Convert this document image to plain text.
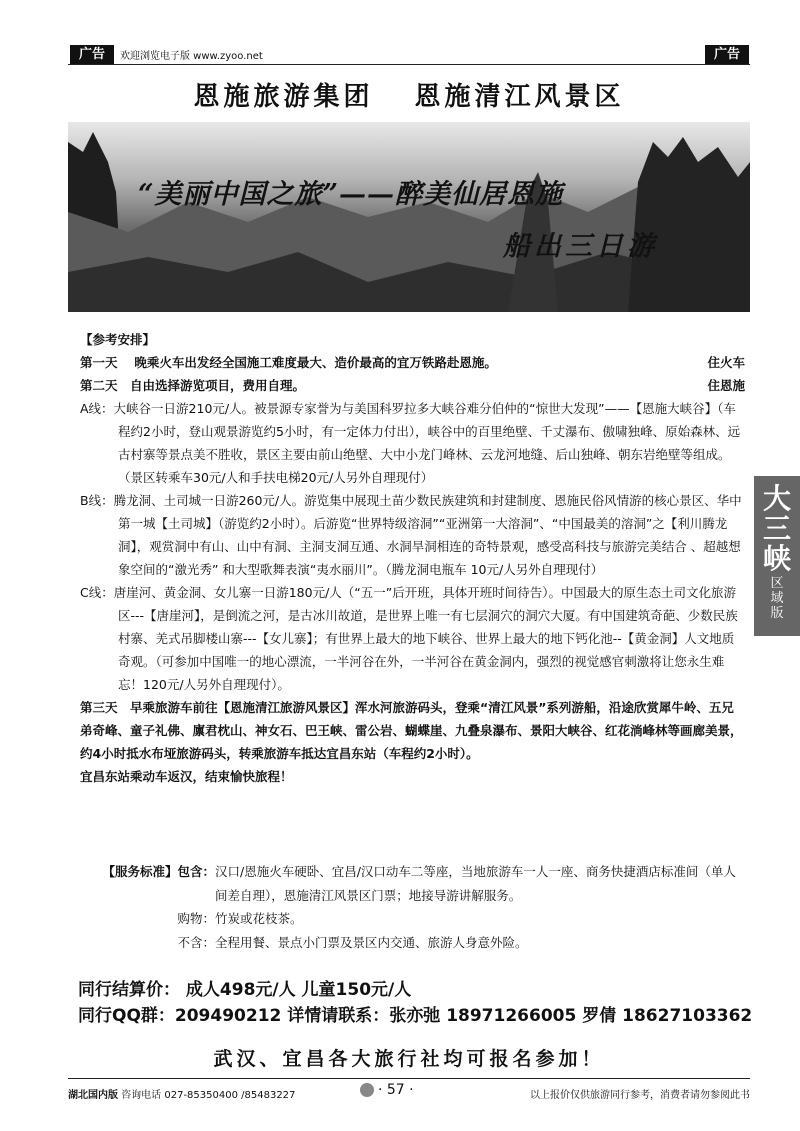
广告	欢迎浏览电子版 www.zyoo.net	广告
恩施旅游集团 恩施清江风景区
“美丽中国之旅”——醉美仙居恩施
船出三日游
大三峡
区域版

【参考安排】

第一天　 晚乘火车出发经全国施工难度最大、造价最高的宜万铁路赴恩施。	住火车

第二天　自由选择游览项目，费用自理。	住恩施

A线：大峡谷一日游210元/人。被景源专家誉为与美国科罗拉多大峡谷难分伯仲的“惊世大发现”——【恩施大峡谷】（车程约2小时，登山观景游览约5小时，有一定体力付出），峡谷中的百里绝壁、千丈瀑布、傲啸独峰、原始森林、远古村寨等景点美不胜收，景区主要由前山绝壁、大中小龙门峰林、云龙河地缝、后山独峰、朝东岩绝壁等组成。（景区转乘车30元/人和手扶电梯20元/人另外自理现付）

B线：腾龙洞、土司城一日游260元/人。游览集中展现土苗少数民族建筑和封建制度、恩施民俗风情游的核心景区、华中第一城【土司城】（游览约2小时）。后游览“世界特级溶洞”“亚洲第一大溶洞”、“中国最美的溶洞”之【利川腾龙洞】，观赏洞中有山、山中有洞、主洞支洞互通、水洞旱洞相连的奇特景观，感受高科技与旅游完美结合 、超越想象空间的“激光秀” 和大型歌舞表演“夷水丽川”。（腾龙洞电瓶车 10元/人另外自理现付）

C线：唐崖河、黄金洞、女儿寨一日游180元/人（“五一”后开班，具体开班时间待告）。中国最大的原生态土司文化旅游区---【唐崖河】，是倒流之河，是古冰川故道，是世界上唯一有七层洞穴的洞穴大厦。有中国建筑奇葩、少数民族村寨、羌式吊脚楼山寨---【女儿寨】；有世界上最大的地下峡谷、世界上最大的地下钙化池--【黄金洞】人文地质奇观。（可参加中国唯一的地心漂流，一半河谷在外，一半河谷在黄金洞内，强烈的视觉感官刺激将让您永生难忘！120元/人另外自理现付）。

第三天　早乘旅游车前往【恩施清江旅游风景区】浑水河旅游码头，登乘“清江风景”系列游船，沿途欣赏犀牛岭、五兄弟奇峰、童子礼佛、廪君枕山、神女石、巴王峡、雷公岩、蝴蝶崖、九叠泉瀑布、景阳大峡谷、红花淌峰林等画廊美景，约4小时抵水布垭旅游码头，转乘旅游车抵达宜昌东站（车程约2小时）。

宜昌东站乘动车返汉，结束愉快旅程！

【服务标准】包含： 汉口/恩施火车硬卧、宜昌/汉口动车二等座，当地旅游车一人一座、商务快捷酒店标准间（单人间差自理），恩施清江风景区门票；地接导游讲解服务。
购物： 竹炭或花枝茶。
不含： 全程用餐、景点小门票及景区内交通、旅游人身意外险。
同行结算价： 成人498元/人 儿童150元/人
同行QQ群：209490212 详情请联系：张亦弛 18971266005 罗倩 18627103362
武汉、宜昌各大旅行社均可报名参加！
湖北国内版 咨询电话 027-85350400 /85483227	· 57 ·	以上报价仅供旅游同行参考，消费者请勿参阅此书
